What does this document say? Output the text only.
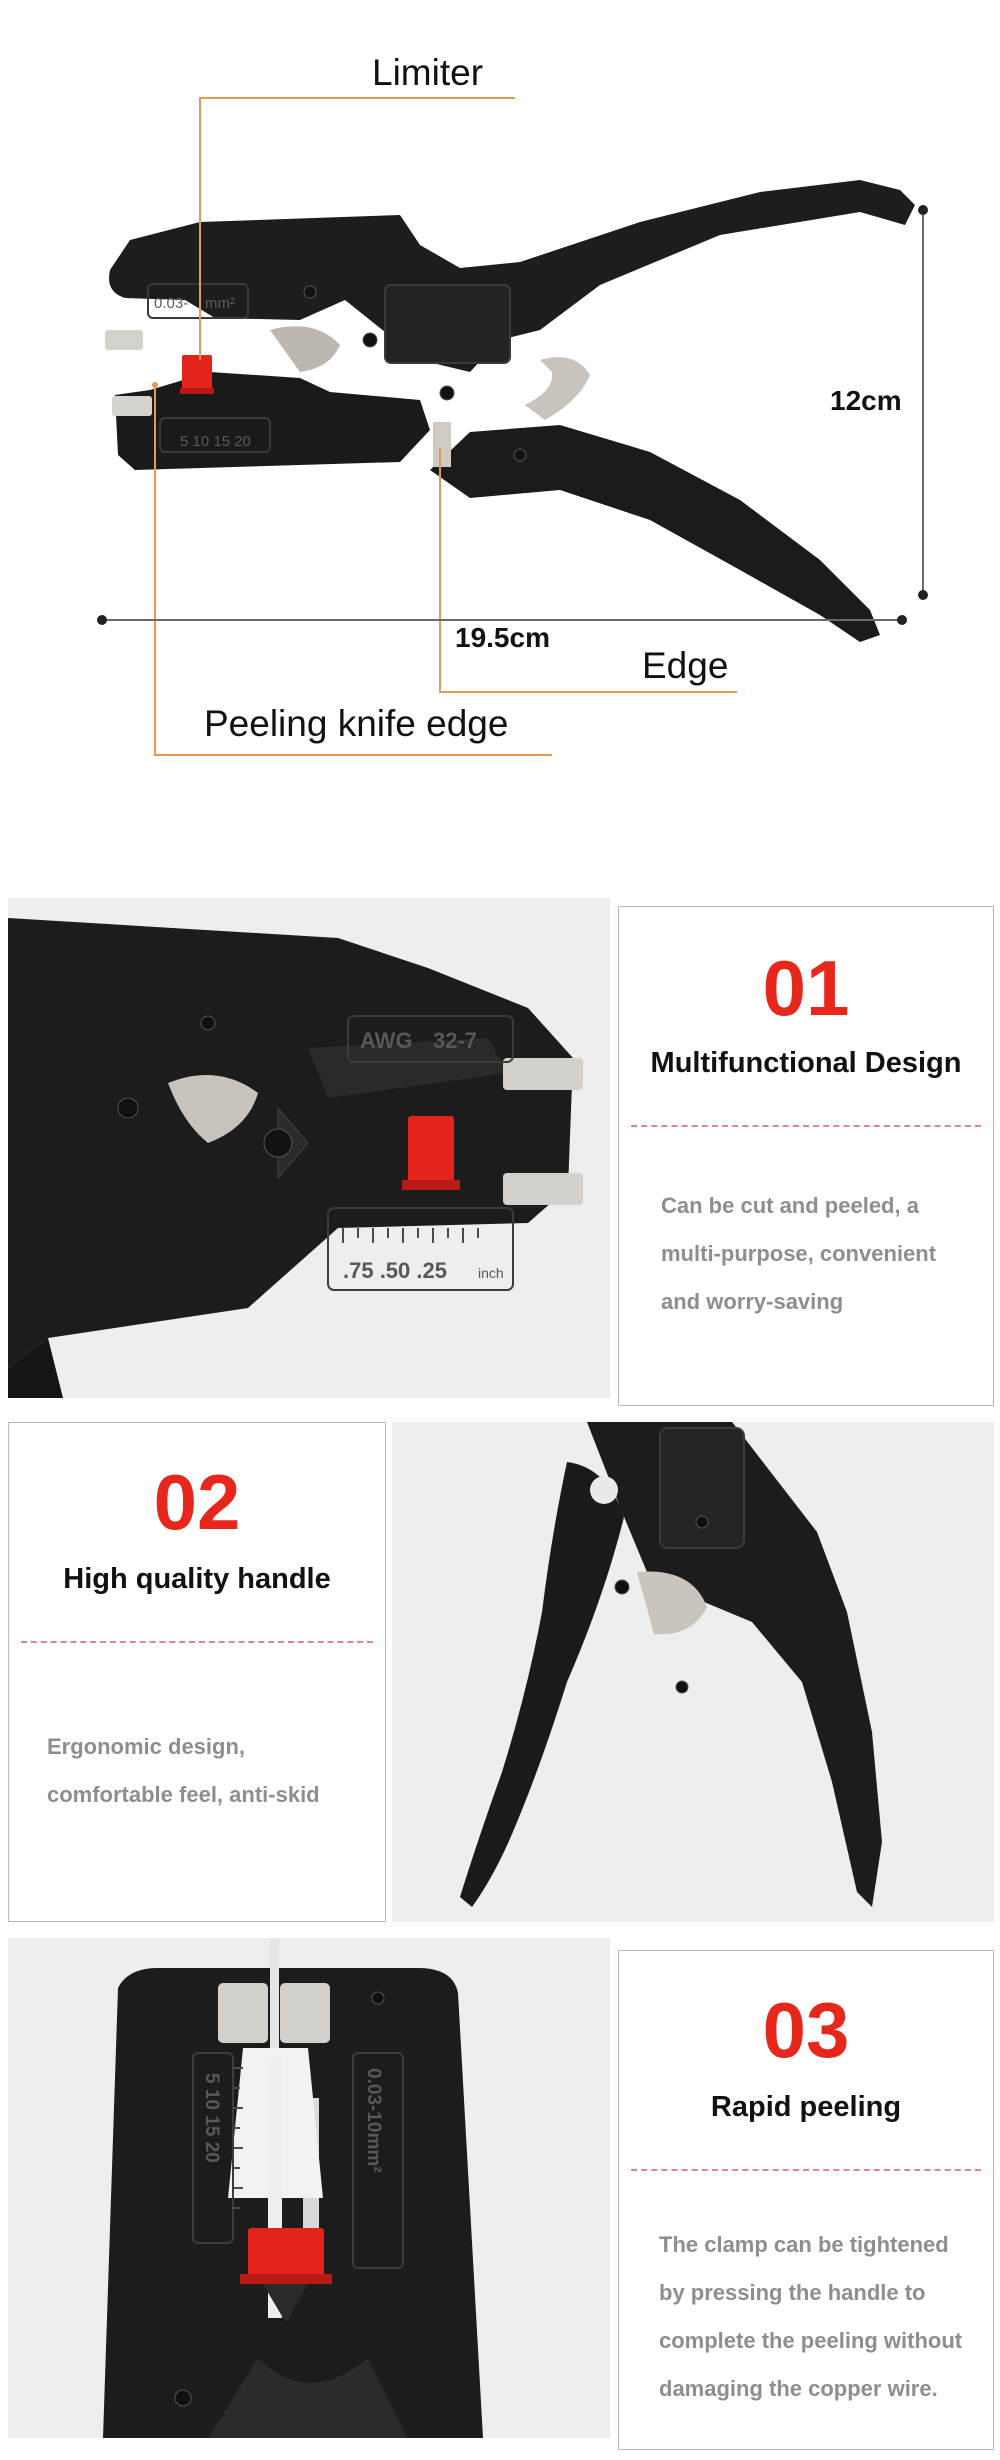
0.03- mm²
5 10 15 20
Limiter
12cm
19.5cm
Edge
Peeling knife edge
AWG 32-7
.75 .50 .25 inch
01
Multifunctional Design
Can be cut and peeled, a
multi-purpose, convenient
and worry-saving
02
High quality handle
Ergonomic design,
comfortable feel, anti-skid
5 10 15 20	0.03-10mm²
03
Rapid peeling
The clamp can be tightened
by pressing the handle to
complete the peeling without
damaging the copper wire.
